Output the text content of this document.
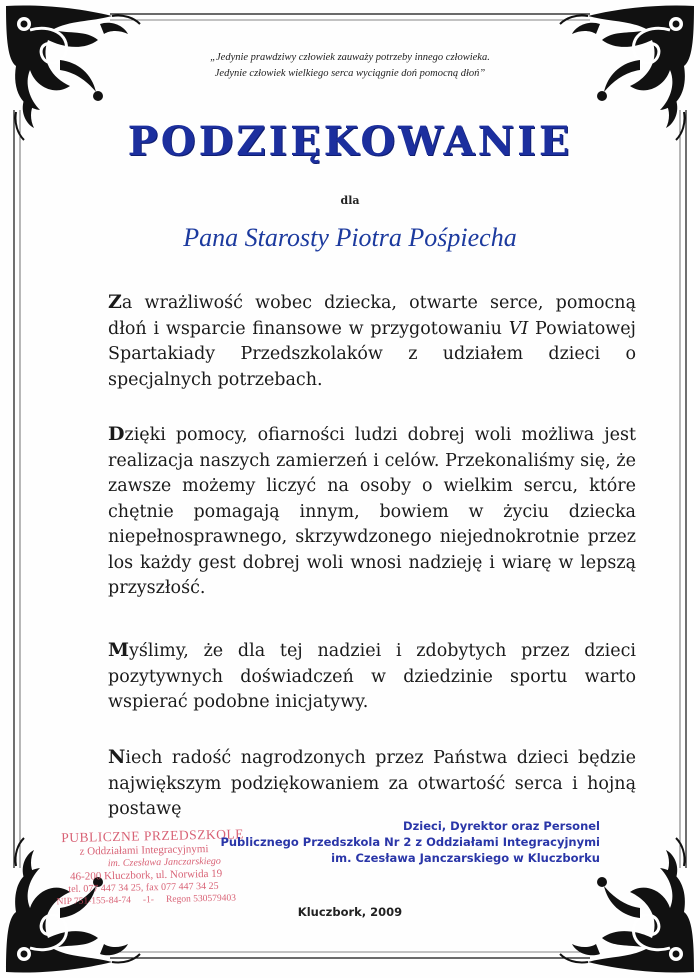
„Jedynie prawdziwy człowiek zauważy potrzeby innego człowieka.
Jedynie człowiek wielkiego serca wyciągnie doń pomocną dłoń”
PODZIĘKOWANIE
dla
Pana Starosty Piotra Pośpiecha
Za wrażliwość wobec dziecka, otwarte serce, pomocną dłoń i wsparcie finansowe w przygotowaniu VI Powiatowej Spartakiady Przedszkolaków z udziałem dzieci o specjalnych potrzebach.
Dzięki pomocy, ofiarności ludzi dobrej woli możliwa jest realizacja naszych zamierzeń i celów. Przekonaliśmy się, że zawsze możemy liczyć na osoby o wielkim sercu, które chętnie pomagają innym, bowiem w życiu dziecka niepełnosprawnego, skrzywdzonego niejednokrotnie przez los każdy gest dobrej woli wnosi nadzieję i wiarę w lepszą przyszłość.
Myślimy, że dla tej nadziei i zdobytych przez dzieci pozytywnych doświadczeń w dziedzinie sportu warto wspierać podobne inicjatywy.
Niech radość nagrodzonych przez Państwa dzieci będzie największym podziękowaniem za otwartość serca i hojną postawę
PUBLICZNE PRZEDSZKOLE
z Oddziałami Integracyjnymi
im. Czesława Janczarskiego
46-200 Kluczbork, ul. Norwida 19
tel. 077 447 34 25, fax 077 447 34 25
NIP 751-155-84-74 -1- Regon 530579403
Dzieci, Dyrektor oraz Personel
Publicznego Przedszkola Nr 2 z Oddziałami Integracyjnymi
im. Czesława Janczarskiego w Kluczborku
Kluczbork, 2009
